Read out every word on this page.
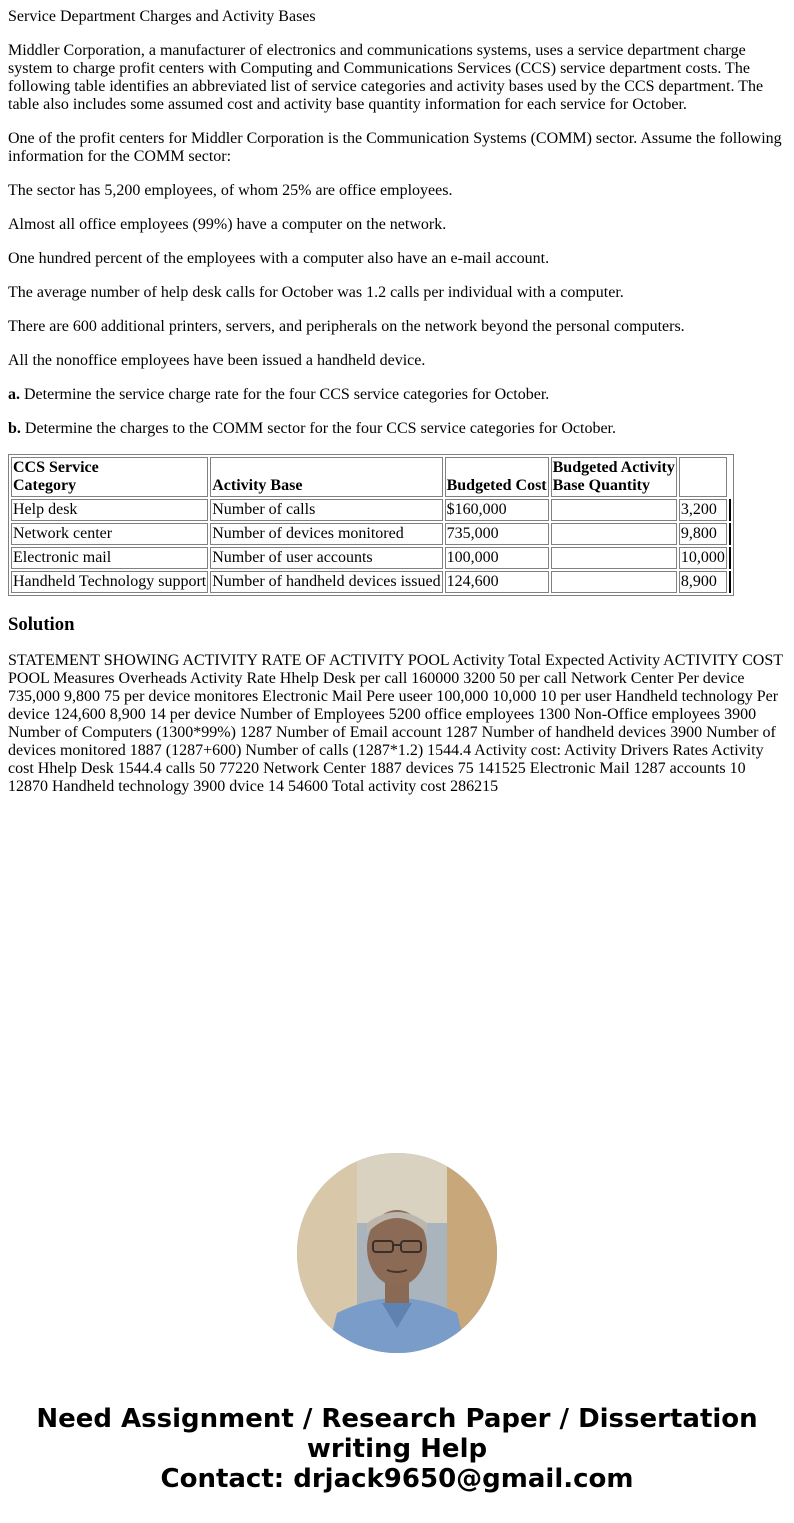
Service Department Charges and Activity Bases

Middler Corporation, a manufacturer of electronics and communications systems, uses a service department charge system to charge profit centers with Computing and Communications Services (CCS) service department costs. The following table identifies an abbreviated list of service categories and activity bases used by the CCS department. The table also includes some assumed cost and activity base quantity information for each service for October.

One of the profit centers for Middler Corporation is the Communication Systems (COMM) sector. Assume the following information for the COMM sector:

The sector has 5,200 employees, of whom 25% are office employees.

Almost all office employees (99%) have a computer on the network.

One hundred percent of the employees with a computer also have an e-mail account.

The average number of help desk calls for October was 1.2 calls per individual with a computer.

There are 600 additional printers, servers, and peripherals on the network beyond the personal computers.

All the nonoffice employees have been issued a handheld device.

a. Determine the service charge rate for the four CCS service categories for October.

b. Determine the charges to the COMM sector for the four CCS service categories for October.

CCS Service
Category	Activity Base	Budgeted Cost	Budgeted Activity
Base Quantity		
Help desk	Number of calls	$160,000		3,200	
Network center	Number of devices monitored	735,000		9,800	
Electronic mail	Number of user accounts	100,000		10,000	
Handheld Technology support	Number of handheld devices issued	124,600		8,900	
Solution

STATEMENT SHOWING ACTIVITY RATE OF ACTIVITY POOL Activity Total Expected Activity ACTIVITY COST POOL Measures Overheads Activity Rate Hhelp Desk per call 160000 3200 50 per call Network Center Per device 735,000 9,800 75 per device monitores Electronic Mail Pere useer 100,000 10,000 10 per user Handheld technology Per device 124,600 8,900 14 per device Number of Employees 5200 office employees 1300 Non-Office employees 3900 Number of Computers (1300*99%) 1287 Number of Email account 1287 Number of handheld devices 3900 Number of devices monitored 1887 (1287+600) Number of calls (1287*1.2) 1544.4 Activity cost: Activity Drivers Rates Activity cost Hhelp Desk 1544.4 calls 50 77220 Network Center 1887 devices 75 141525 Electronic Mail 1287 accounts 10 12870 Handheld technology 3900 dvice 14 54600 Total activity cost 286215

Need Assignment / Research Paper / Dissertation
writing Help
Contact: drjack9650@gmail.com
